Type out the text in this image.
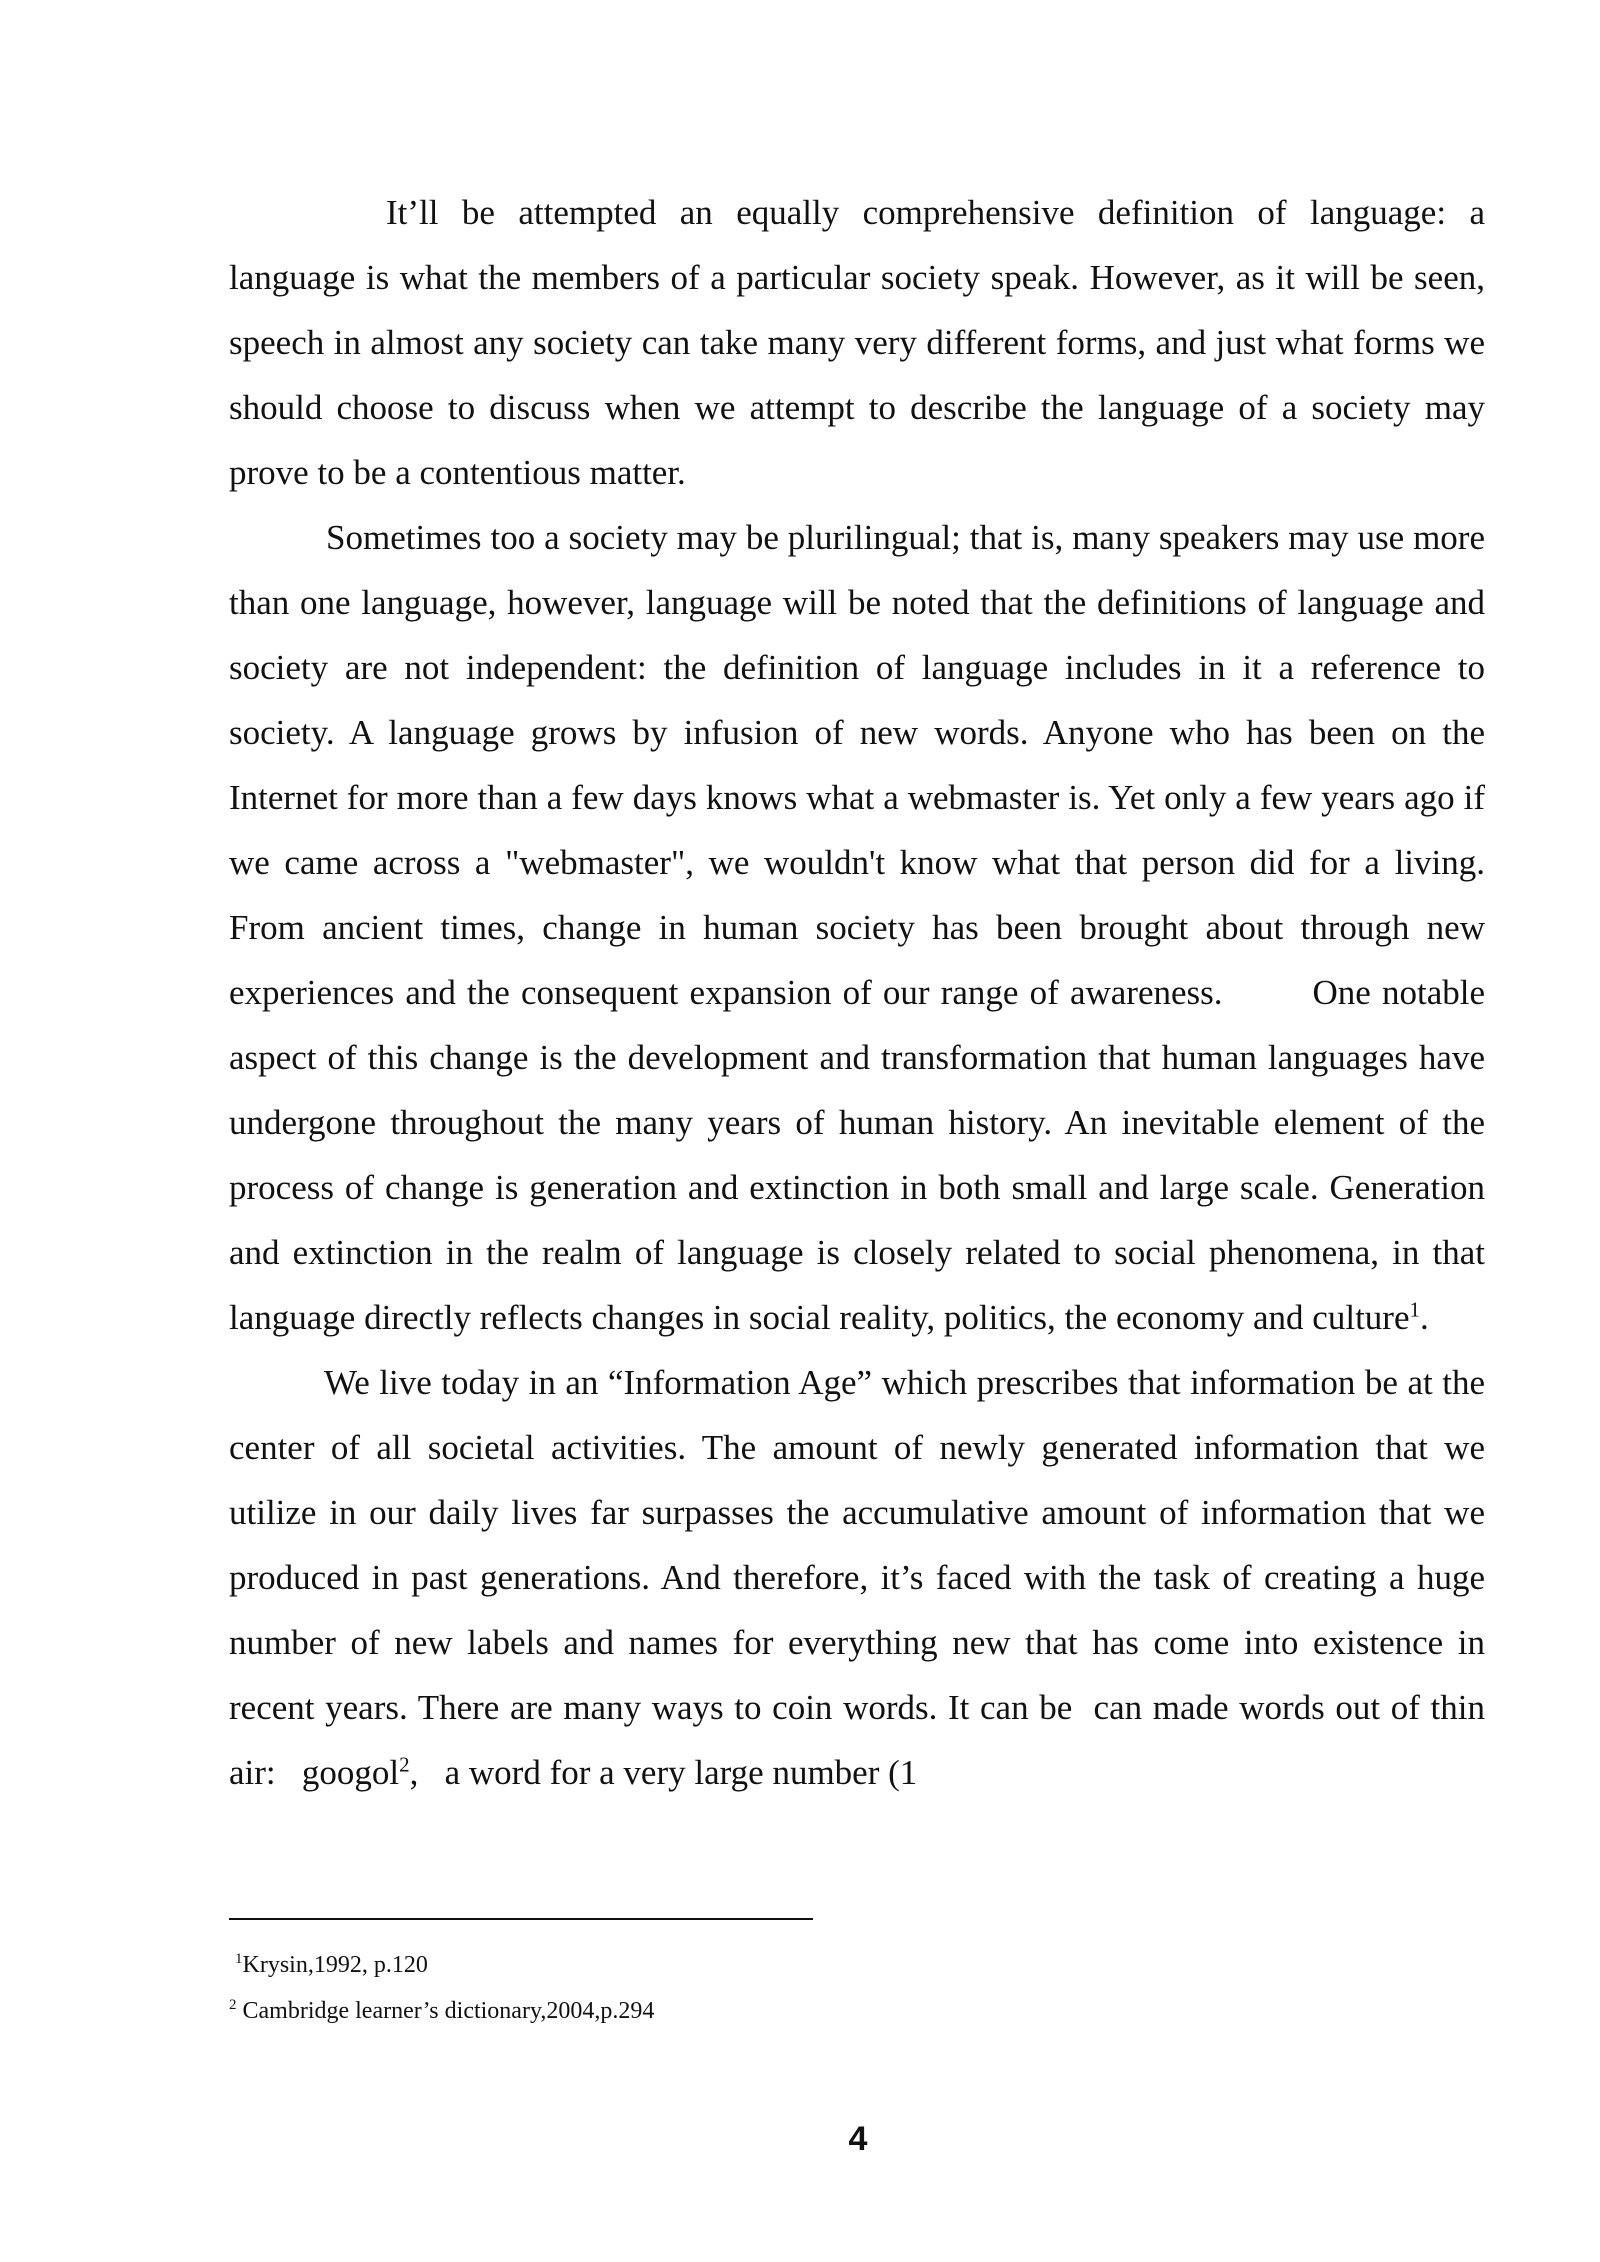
It’ll be attempted an equally comprehensive definition of language: a language is what the members of a particular society speak. However, as it will be seen, speech in almost any society can take many very different forms, and just what forms we should choose to discuss when we attempt to describe the language of a society may prove to be a contentious matter.

Sometimes too a society may be plurilingual; that is, many speakers may use more than one language, however, language will be noted that the definitions of language and society are not independent: the definition of language includes in it a reference to society. A language grows by infusion of new words. Anyone who has been on the Internet for more than a few days knows what a webmaster is. Yet only a few years ago if we came across a "webmaster", we wouldn't know what that person did for a living. From ancient times, change in human society has been brought about through new experiences and the consequent expansion of our range of awareness.	One notable aspect of this change is the development and transformation that human languages have undergone throughout the many years of human history. An inevitable element of the process of change is generation and extinction in both small and large scale. Generation and extinction in the realm of language is closely related to social phenomena, in that language directly reflects changes in social reality, politics, the economy and culture$^1$.

We live today in an “Information Age” which prescribes that information be at the center of all societal activities. The amount of newly generated information that we utilize in our daily lives far surpasses the accumulative amount of information that we produced in past generations. And therefore, it’s faced with the task of creating a huge number of new labels and names for everything new that has come into existence in recent years. There are many ways to coin words. It can be  can made words out of thin air:   googol$^2$,   a word for a very large number (1

$^1$Krysin,1992, p.120

$^2$ Cambridge learner’s dictionary,2004,p.294

4
